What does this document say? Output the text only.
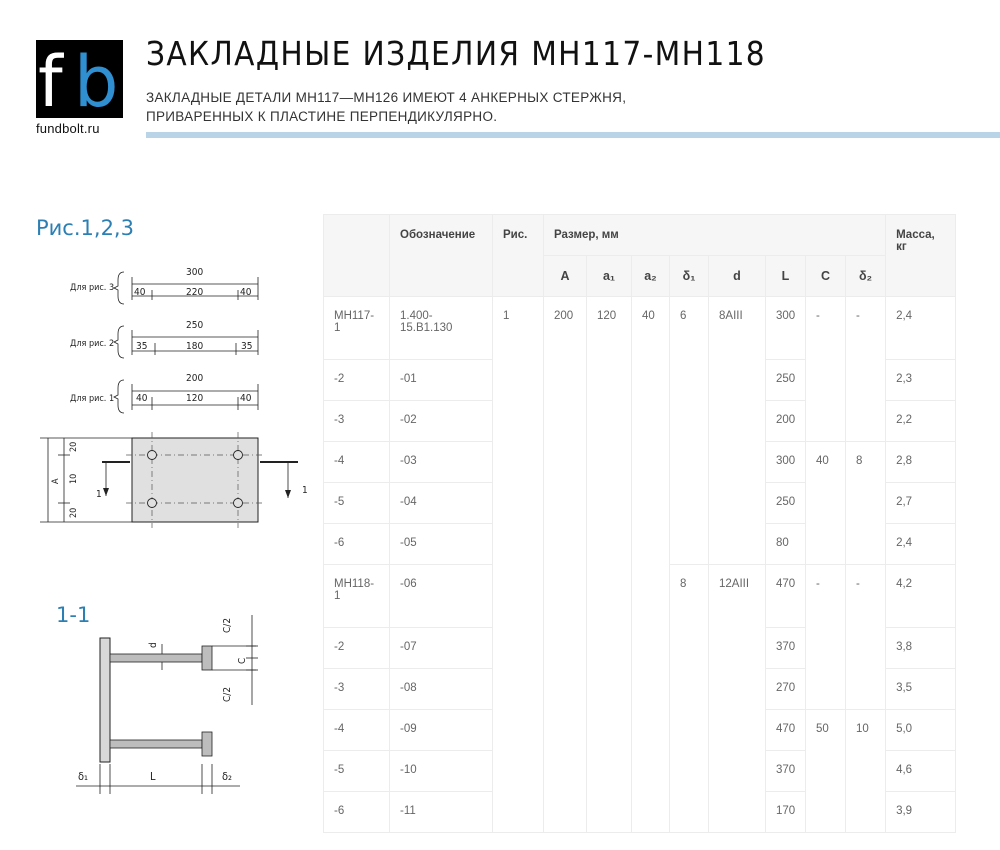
f b
fundbolt.ru
ЗАКЛАДНЫЕ ИЗДЕЛИЯ МН117-МН118
ЗАКЛАДНЫЕ ДЕТАЛИ МН117—МН126 ИМЕЮТ 4 АНКЕРНЫХ СТЕРЖНЯ,
ПРИВАРЕННЫХ К ПЛАСТИНЕ ПЕРПЕНДИКУЛЯРНО.
Рис.1,2,3
1-1
300
40	220	40
Для рис. 3
250
35	180	35
Для рис. 2
200
40	120	40
Для рис. 1
1	1
А
20
10
20
d
С/2
С
С/2
δ₁	L	δ₂
	Обозначение	Рис.	Размер, мм								Масса,
кг

			A	a₁	a₂	δ₁	d	L	C	δ₂	
МН117-1	1.400-15.В1.130	1	200	120	40	6	8AIII	300	-	-	2,4
-2	-01							250			2,3
-3	-02							200			2,2
-4	-03							300	40	8	2,8
-5	-04							250			2,7
-6	-05							80			2,4
МН118-1	-06					8	12AIII	470	-	-	4,2
-2	-07							370			3,8
-3	-08							270			3,5
-4	-09							470	50	10	5,0
-5	-10							370			4,6
-6	-11							170			3,9
